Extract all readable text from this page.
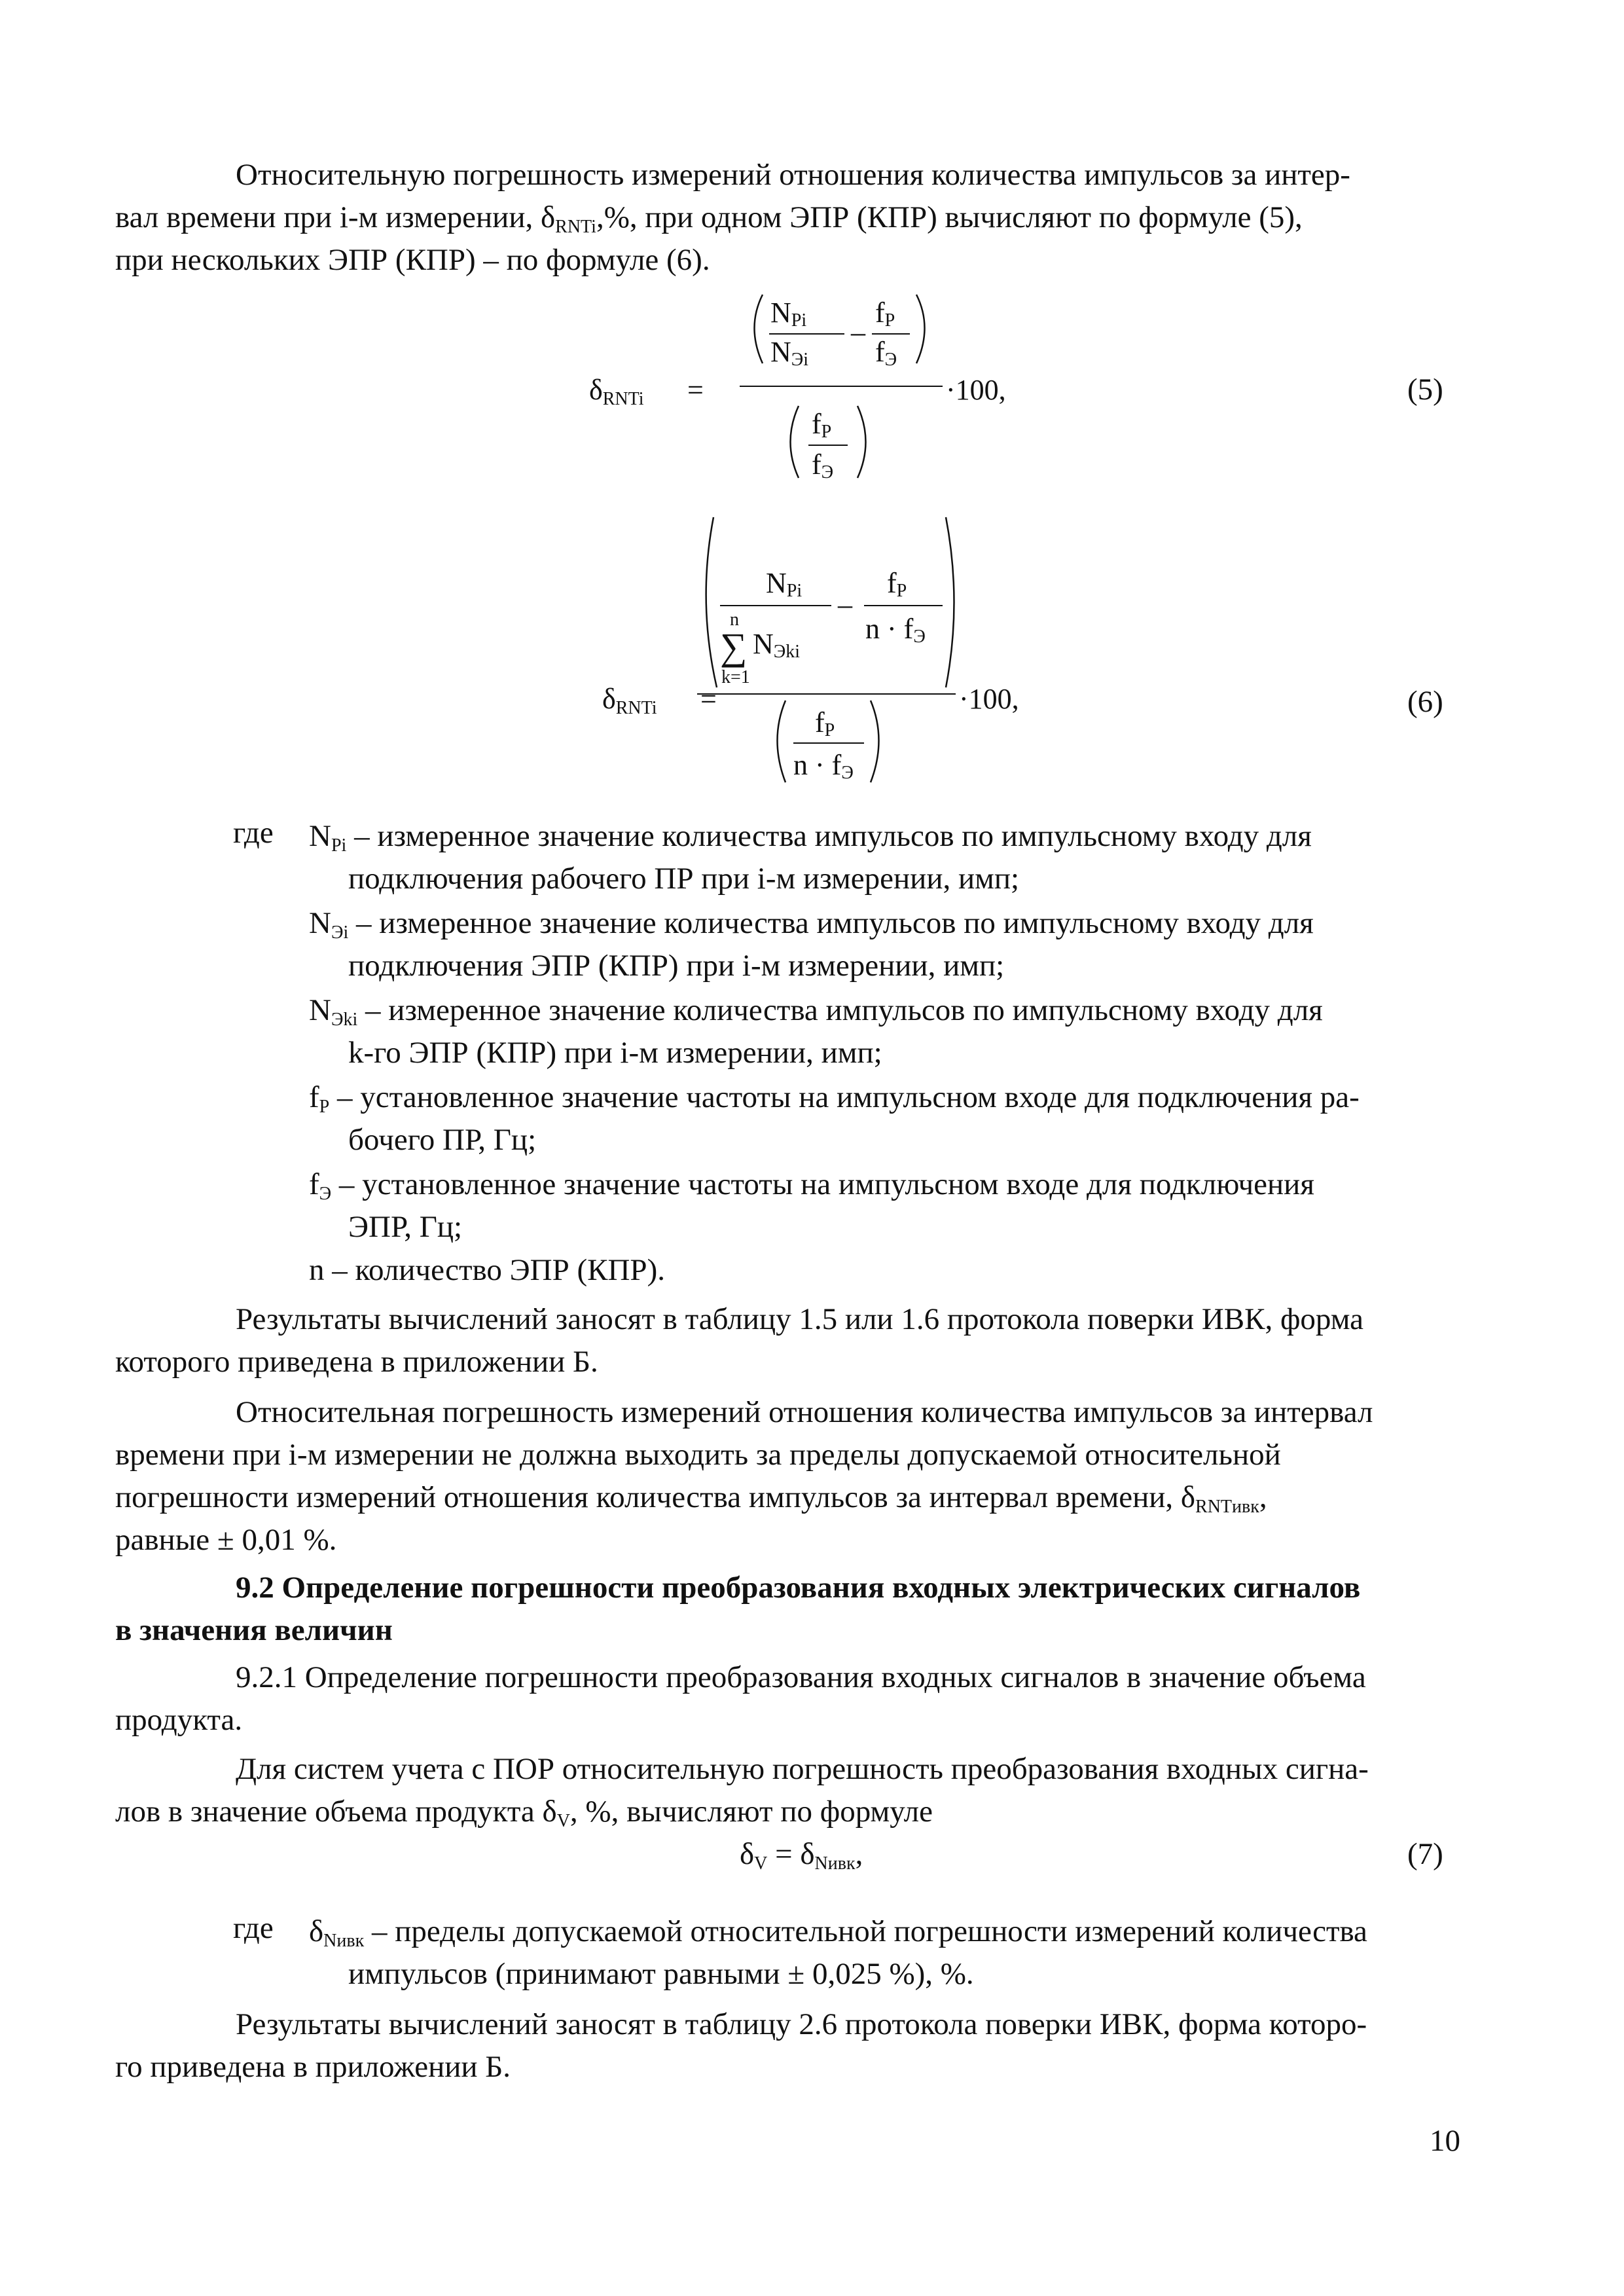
Относительную погрешность измерений отношения количества импульсов за интер-
вал времени при i-м измерении, $\delta_{RNTi},\%$, при одном ЭПР (КПР) вычисляют по формуле (5),
при нескольких ЭПР (КПР) – по формуле (6).

δRNTi =
NPi
NЭi
–
fP
fЭ
·100,
fP
fЭ
(5)
δRNTi =
NPi
n
∑ NЭki
k=1
–
fP
n · fЭ
·100,
fP
n · fЭ
(6)
где $N_{Pi}$ – измеренное значение количества импульсов по импульсному входу для
подключения рабочего ПР при i-м измерении, имп;

$N_{Эi}$ – измеренное значение количества импульсов по импульсному входу для
подключения ЭПР (КПР) при i-м измерении, имп;

$N_{Эki}$ – измеренное значение количества импульсов по импульсному входу для
k-го ЭПР (КПР) при i-м измерении, имп;

$f_P$ – установленное значение частоты на импульсном входе для подключения ра-
бочего ПР, Гц;

$f_Э$ – установленное значение частоты на импульсном входе для подключения
ЭПР, Гц;

n – количество ЭПР (КПР).

Результаты вычислений заносят в таблицу 1.5 или 1.6 протокола поверки ИВК, форма
которого приведена в приложении Б.

Относительная погрешность измерений отношения количества импульсов за интервал
времени при i-м измерении не должна выходить за пределы допускаемой относительной
погрешности измерений отношения количества импульсов за интервал времени, $\delta_{RNTивк}$,
равные ± 0,01 %.

9.2 Определение погрешности преобразования входных электрических сигналов
в значения величин

9.2.1 Определение погрешности преобразования входных сигналов в значение объема
продукта.

Для систем учета с ПОР относительную погрешность преобразования входных сигна-
лов в значение объема продукта $\delta_V$, %, вычисляют по формуле

$\delta_V = \delta_{Nивк}$,	(7)
где $\delta_{Nивк}$ – пределы допускаемой относительной погрешности измерений количества
импульсов (принимают равными ± 0,025 %), %.

Результаты вычислений заносят в таблицу 2.6 протокола поверки ИВК, форма которо-
го приведена в приложении Б.

10
